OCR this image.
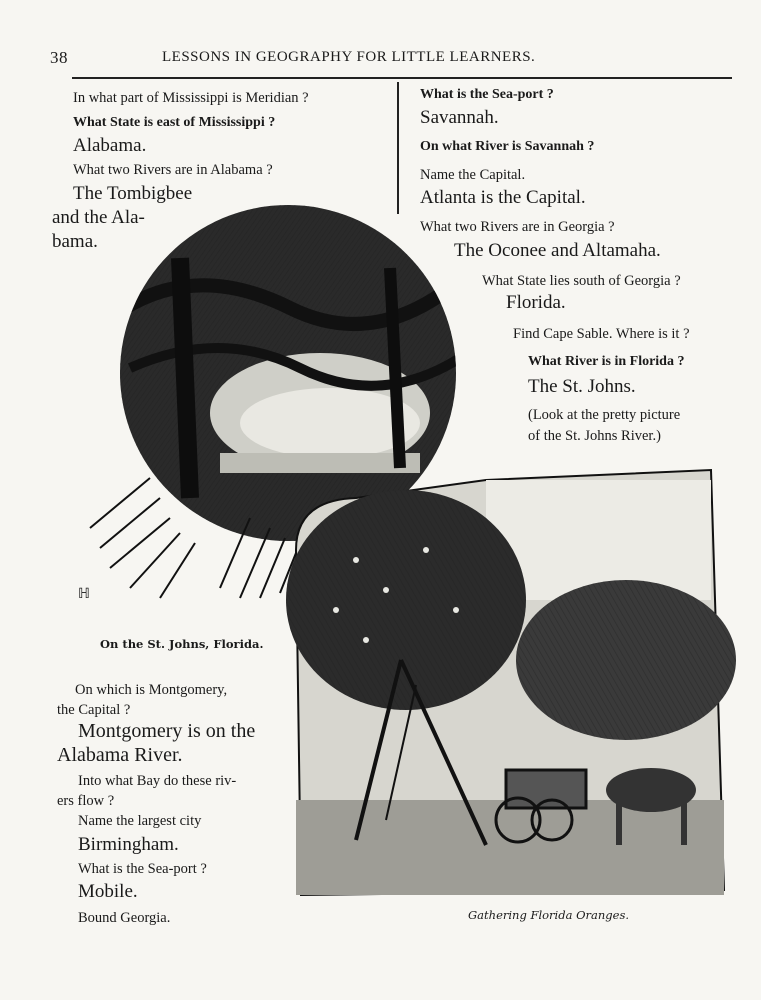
38	LESSONS IN GEOGRAPHY FOR LITTLE LEARNERS.
In what part of Mississippi is Meridian ?
What State is east of Mississippi ?
Alabama.
What two Rivers are in Alabama ?
The Tombigbee
and the Ala-
bama.
What is the Sea-port ?
Savannah.
On what River is Savannah ?
Name the Capital.
Atlanta is the Capital.
What two Rivers are in Georgia ?
The Oconee and Altamaha.
What State lies south of Georgia ?
Florida.
Find Cape Sable. Where is it ?
What River is in Florida ?
The St. Johns.
(Look at the pretty picture
of the St. Johns River.)
ℍ
On the St. Johns, Florida.
Gathering Florida Oranges.
On which is Montgomery,
the Capital ?
Montgomery is on the
Alabama River.
Into what Bay do these riv-
ers flow ?
Name the largest city
Birmingham.
What is the Sea-port ?
Mobile.
Bound Georgia.
